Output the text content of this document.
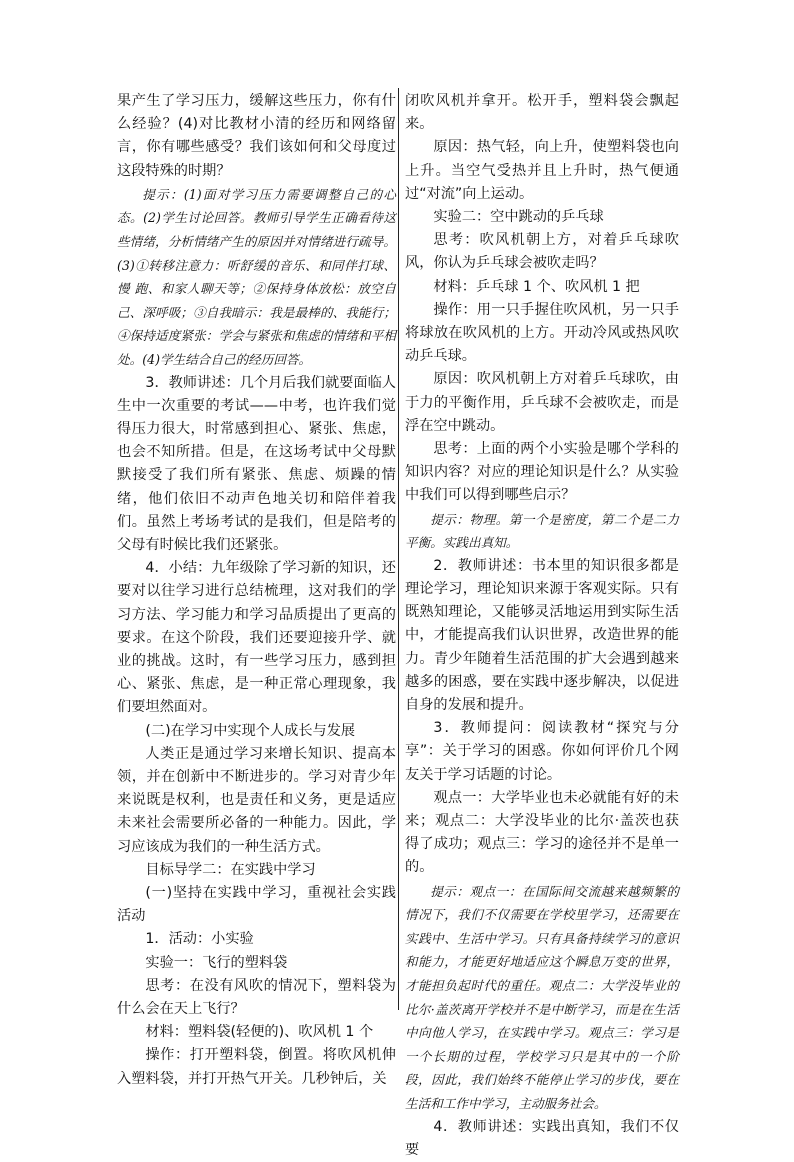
果产生了学习压力，缓解这些压力，你有什么经验？(4)对比教材小清的经历和网络留言，你有哪些感受？我们该如何和父母度过这段特殊的时期？

提示：(1)面对学习压力需要调整自己的心态。(2)学生讨论回答。教师引导学生正确看待这些情绪，分析情绪产生的原因并对情绪进行疏导。(3)①转移注意力：听舒缓的音乐、和同伴打球、慢 跑、和家人聊天等；②保持身体放松：放空自己、深呼吸；③自我暗示：我是最棒的、我能行；④保持适度紧张：学会与紧张和焦虑的情绪和平相处。(4)学生结合自己的经历回答。

3．教师讲述：几个月后我们就要面临人生中一次重要的考试——中考，也许我们觉得压力很大，时常感到担心、紧张、焦虑，也会不知所措。但是，在这场考试中父母默默接受了我们所有紧张、焦虑、烦躁的情绪，他们依旧不动声色地关切和陪伴着我们。虽然上考场考试的是我们，但是陪考的父母有时候比我们还紧张。

4．小结：九年级除了学习新的知识，还要对以往学习进行总结梳理，这对我们的学习方法、学习能力和学习品质提出了更高的要求。在这个阶段，我们还要迎接升学、就业的挑战。这时，有一些学习压力，感到担心、紧张、焦虑，是一种正常心理现象，我们要坦然面对。

(二)在学习中实现个人成长与发展

人类正是通过学习来增长知识、提高本领，并在创新中不断进步的。学习对青少年来说既是权利，也是责任和义务，更是适应未来社会需要所必备的一种能力。因此，学习应该成为我们的一种生活方式。

目标导学二：在实践中学习

(一)坚持在实践中学习，重视社会实践活动

1．活动：小实验

实验一：飞行的塑料袋

思考：在没有风吹的情况下，塑料袋为什么会在天上飞行？

材料：塑料袋(轻便的)、吹风机 1 个

操作：打开塑料袋，倒置。将吹风机伸入塑料袋，并打开热气开关。几秒钟后，关

闭吹风机并拿开。松开手，塑料袋会飘起来。

原因：热气轻，向上升，使塑料袋也向上升。当空气受热并且上升时，热气便通过“对流”向上运动。

实验二：空中跳动的乒乓球

思考：吹风机朝上方，对着乒乓球吹风，你认为乒乓球会被吹走吗？

材料：乒乓球 1 个、吹风机 1 把

操作：用一只手握住吹风机，另一只手将球放在吹风机的上方。开动冷风或热风吹动乒乓球。

原因：吹风机朝上方对着乒乓球吹，由于力的平衡作用，乒乓球不会被吹走，而是浮在空中跳动。

思考：上面的两个小实验是哪个学科的知识内容？对应的理论知识是什么？从实验中我们可以得到哪些启示？

提示：物理。第一个是密度，第二个是二力平衡。实践出真知。

2．教师讲述：书本里的知识很多都是理论学习，理论知识来源于客观实际。只有既熟知理论，又能够灵活地运用到实际生活中，才能提高我们认识世界，改造世界的能力。青少年随着生活范围的扩大会遇到越来越多的困惑，要在实践中逐步解决，以促进自身的发展和提升。

3．教师提问：阅读教材“探究与分享”：关于学习的困惑。你如何评价几个网友关于学习话题的讨论。

观点一：大学毕业也未必就能有好的未来；观点二：大学没毕业的比尔·盖茨也获得了成功；观点三：学习的途径并不是单一的。

提示：观点一：在国际间交流越来越频繁的情况下，我们不仅需要在学校里学习，还需要在实践中、生活中学习。只有具备持续学习的意识和能力，才能更好地适应这个瞬息万变的世界，才能担负起时代的重任。观点二：大学没毕业的比尔·盖茨离开学校并不是中断学习，而是在生活中向他人学习，在实践中学习。观点三：学习是一个长期的过程，学校学习只是其中的一个阶段，因此，我们始终不能停止学习的步伐，要在生活和工作中学习，主动服务社会。

4．教师讲述：实践出真知，我们不仅要
